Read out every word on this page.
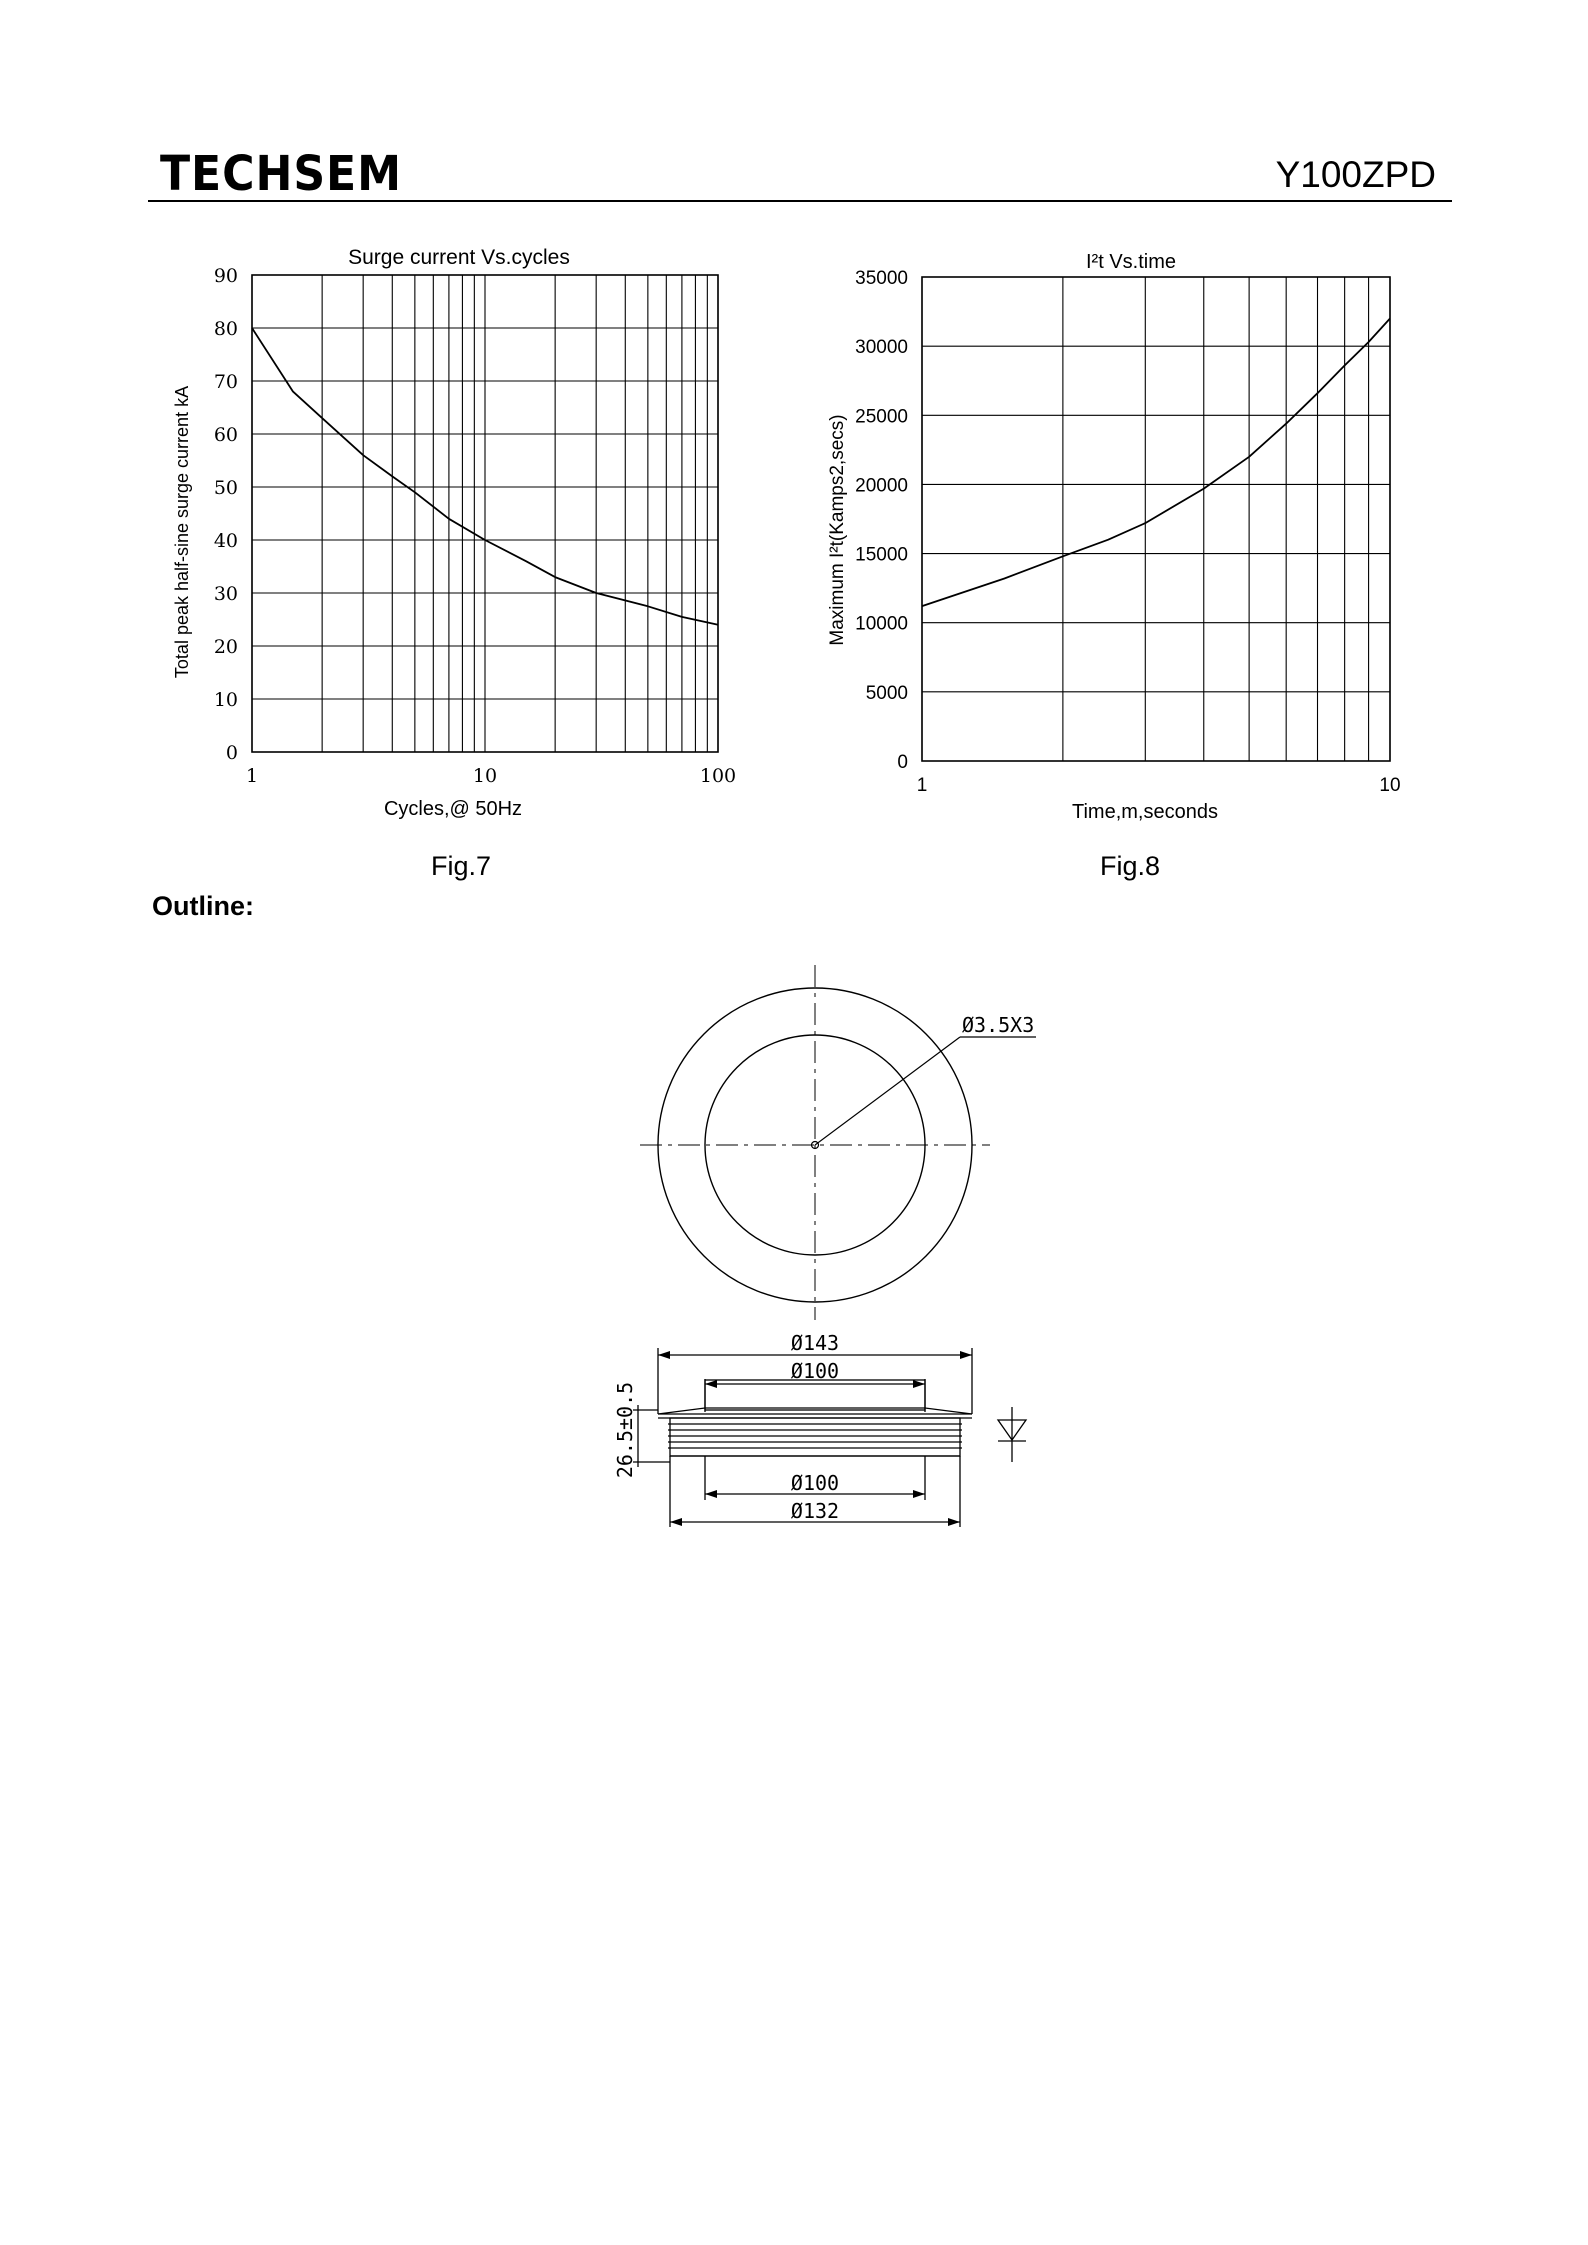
TECHSEM	Y100ZPD
Surge current Vs.cycles
Cycles,@ 50Hz
Total peak half-sine surge current kA
0
10
20
30
40
50
60
70
80
90
1	10	100
I²t Vs.time
Time,m,seconds
Maximum I²t(Kamps2,secs)
0
5000
10000
15000
20000
25000
30000
35000
1	10
Ø3.5X3
Ø143
Ø100
Ø100
Ø132
26.5±0.5
Fig.7	Fig.8
Outline:
